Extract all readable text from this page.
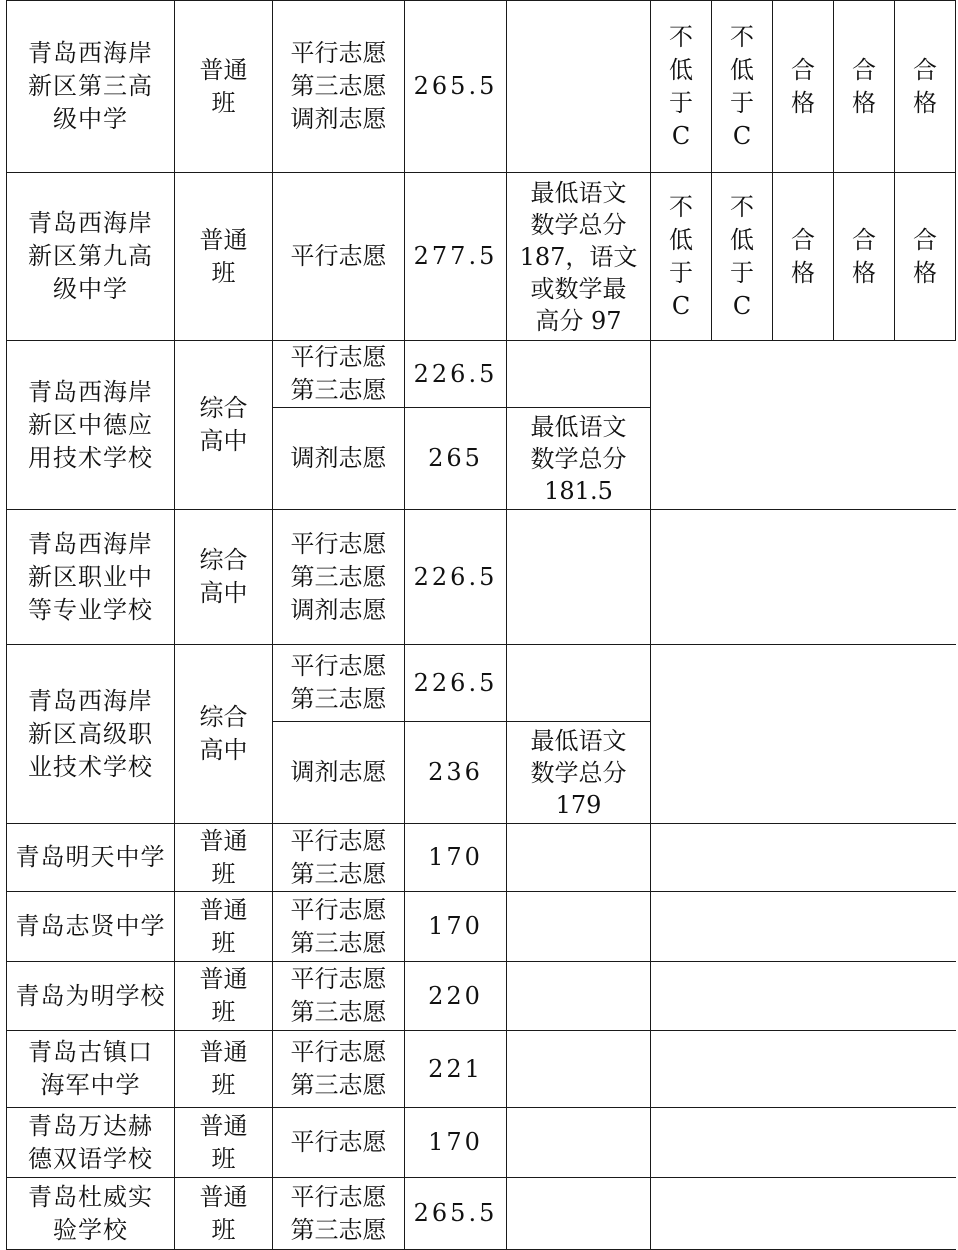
青岛西海岸
新区第三高
级中学	普通
班	平行志愿
第三志愿
调剂志愿	265.5		不
低
于
C	不
低
于
C	合
格	合
格	合
格

青岛西海岸
新区第九高
级中学	普通
班	平行志愿	277.5	最低语文
数学总分
187，语文
或数学最
高分 97	不
低
于
C	不
低
于
C	合
格	合
格	合
格

青岛西海岸
新区中德应
用技术学校	综合
高中	平行志愿
第三志愿	226.5						

		调剂志愿	265	最低语文
数学总分
181.5					

青岛西海岸
新区职业中
等专业学校	综合
高中	平行志愿
第三志愿
调剂志愿	226.5						

青岛西海岸
新区高级职
业技术学校	综合
高中	平行志愿
第三志愿	226.5						

		调剂志愿	236	最低语文
数学总分
179					

青岛明天中学	普通
班	平行志愿
第三志愿	170						

青岛志贤中学	普通
班	平行志愿
第三志愿	170						

青岛为明学校	普通
班	平行志愿
第三志愿	220						

青岛古镇口
海军中学	普通
班	平行志愿
第三志愿	221						

青岛万达赫
德双语学校	普通
班	平行志愿	170						

青岛杜威实
验学校	普通
班	平行志愿
第三志愿	265.5						
